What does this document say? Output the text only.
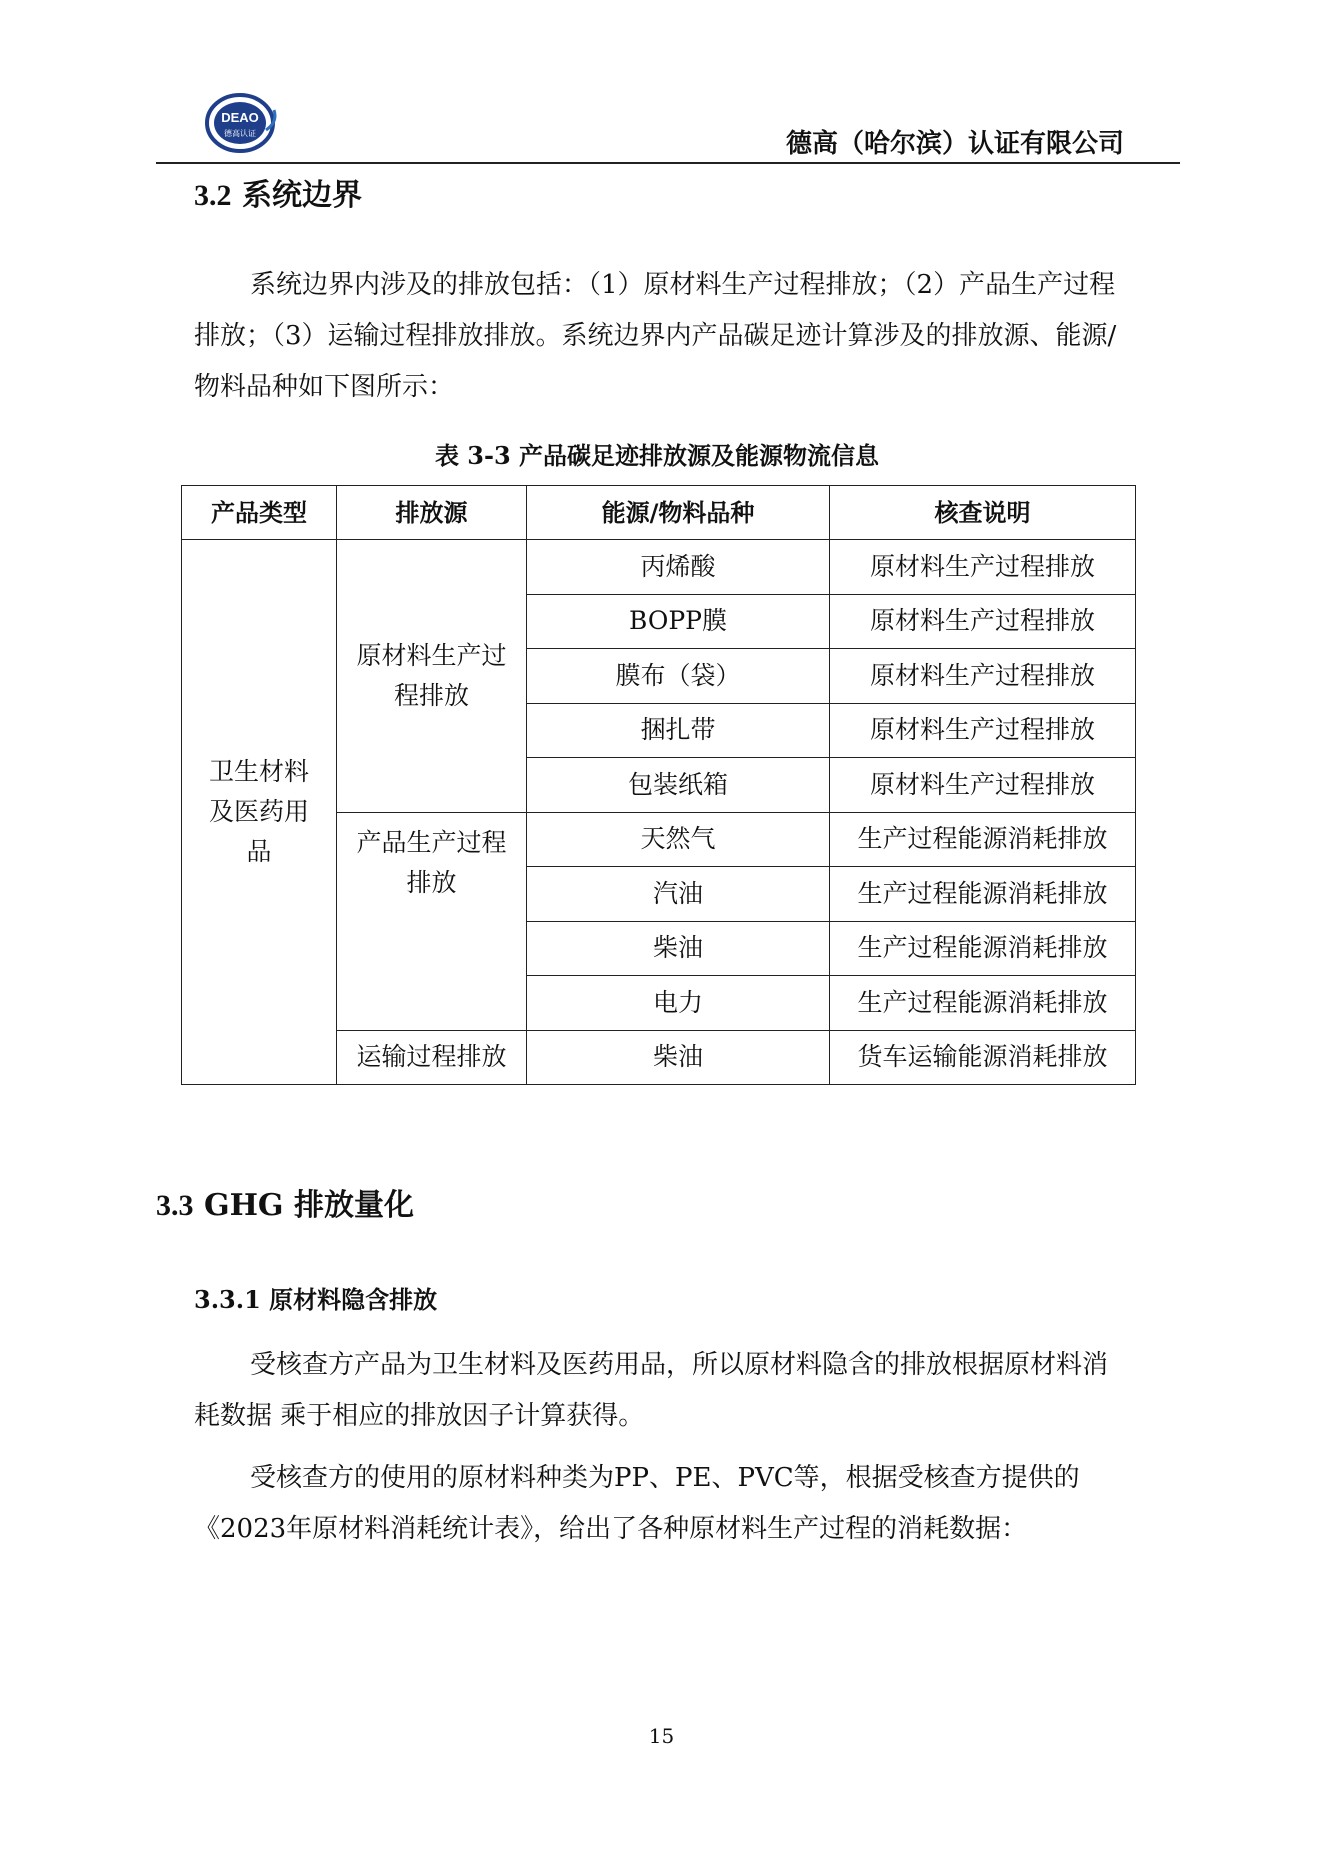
DEAO
德高认证	德高（哈尔滨）认证有限公司
3.2 系统边界

系统边界内涉及的排放包括：（1）原材料生产过程排放；（2）产品生产过程排放；（3）运输过程排放排放。系统边界内产品碳足迹计算涉及的排放源、能源/物料品种如下图所示：

表 3-3 产品碳足迹排放源及能源物流信息
产品类型	排放源	能源/物料品种	核查说明
卫生材料及医药用品	原材料生产过程排放	丙烯酸	原材料生产过程排放
		BOPP膜	原材料生产过程排放
		膜布（袋）	原材料生产过程排放
		捆扎带	原材料生产过程排放
		包装纸箱	原材料生产过程排放
	产品生产过程排放	天然气	生产过程能源消耗排放
		汽油	生产过程能源消耗排放
		柴油	生产过程能源消耗排放
		电力	生产过程能源消耗排放
	运输过程排放	柴油	货车运输能源消耗排放
3.3 GHG 排放量化
3.3.1 原材料隐含排放

受核查方产品为卫生材料及医药用品，所以原材料隐含的排放根据原材料消耗数据 乘于相应的排放因子计算获得。

受核查方的使用的原材料种类为PP、PE、PVC等，根据受核查方提供的《2023年原材料消耗统计表》，给出了各种原材料生产过程的消耗数据：

15
